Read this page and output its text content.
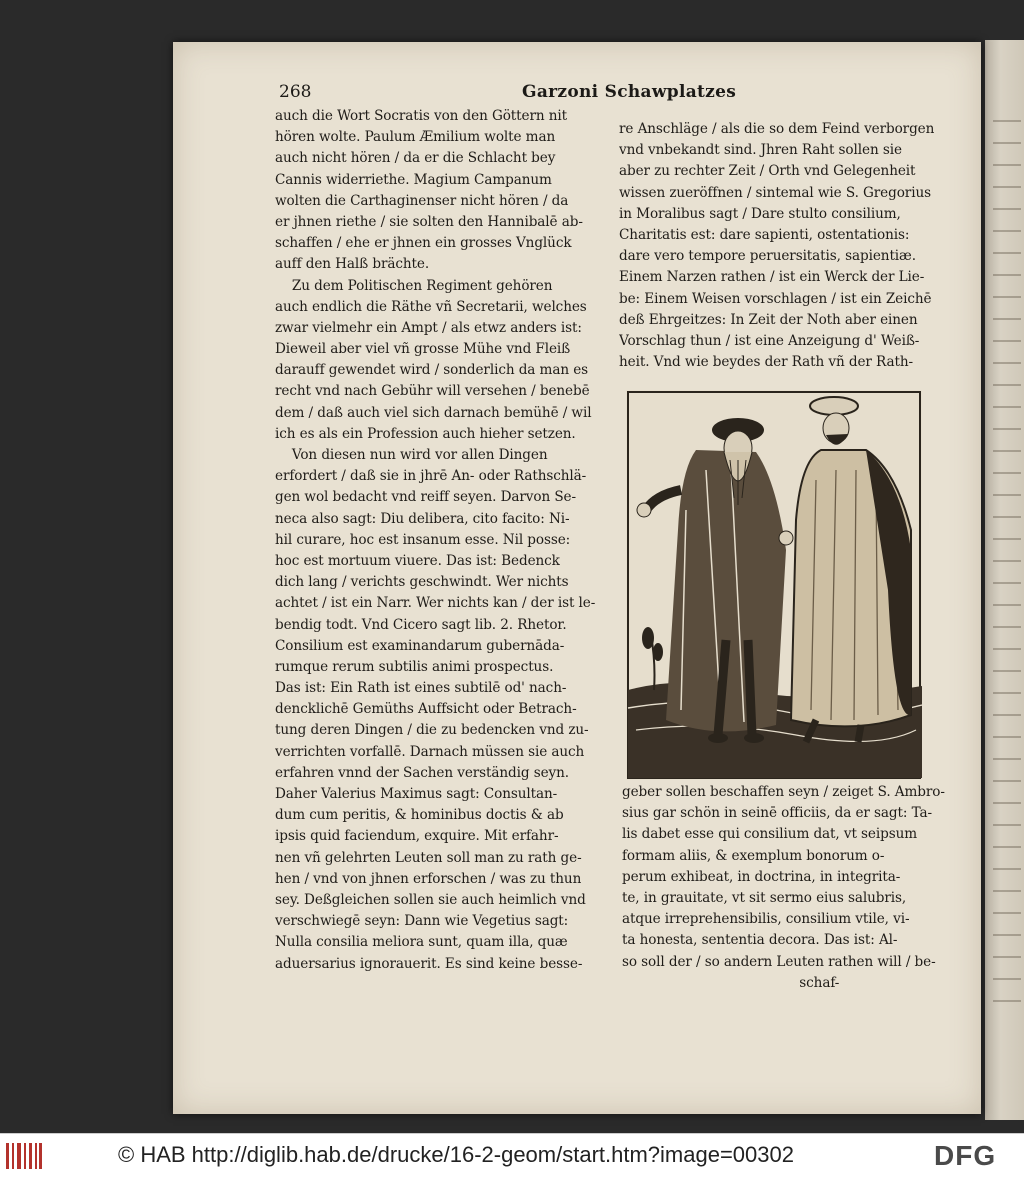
268	Garzoni Schawplatzes
auch die Wort Socratis von den Göttern nit
hören wolte. Paulum Æmilium wolte man
auch nicht hören / da er die Schlacht bey
Cannis widerriethe. Magium Campanum
wolten die Carthaginenser nicht hören / da
er jhnen riethe / sie solten den Hannibalē ab-
schaffen / ehe er jhnen ein grosses Vnglück
auff den Halß brächte.
Zu dem Politischen Regiment gehören
auch endlich die Räthe vñ Secretarii, welches
zwar vielmehr ein Ampt / als etwz anders ist:
Dieweil aber viel vñ grosse Mühe vnd Fleiß
darauff gewendet wird / sonderlich da man es
recht vnd nach Gebühr will versehen / benebē
dem / daß auch viel sich darnach bemühē / wil
ich es als ein Profession auch hieher setzen.
Von diesen nun wird vor allen Dingen
erfordert / daß sie in jhrē An- oder Rathschlä-
gen wol bedacht vnd reiff seyen. Darvon Se-
neca also sagt: Diu delibera, cito facito: Ni-
hil curare, hoc est insanum esse. Nil posse:
hoc est mortuum viuere. Das ist: Bedenck
dich lang / verichts geschwindt. Wer nichts
achtet / ist ein Narr. Wer nichts kan / der ist le-
bendig todt. Vnd Cicero sagt lib. 2. Rhetor.
Consilium est examinandarum gubernāda-
rumque rerum subtilis animi prospectus.
Das ist: Ein Rath ist eines subtilē od' nach-
dencklichē Gemüths Auffsicht oder Betrach-
tung deren Dingen / die zu bedencken vnd zu-
verrichten vorfallē. Darnach müssen sie auch
erfahren vnnd der Sachen verständig seyn.
Daher Valerius Maximus sagt: Consultan-
dum cum peritis, & hominibus doctis & ab
ipsis quid faciendum, exquire. Mit erfahr-
nen vñ gelehrten Leuten soll man zu rath ge-
hen / vnd von jhnen erforschen / was zu thun
sey. Deßgleichen sollen sie auch heimlich vnd
verschwiegē seyn: Dann wie Vegetius sagt:
Nulla consilia meliora sunt, quam illa, quæ
aduersarius ignorauerit. Es sind keine besse-
re Anschläge / als die so dem Feind verborgen
vnd vnbekandt sind. Jhren Raht sollen sie
aber zu rechter Zeit / Orth vnd Gelegenheit
wissen zueröffnen / sintemal wie S. Gregorius
in Moralibus sagt / Dare stulto consilium,
Charitatis est: dare sapienti, ostentationis:
dare vero tempore peruersitatis, sapientiæ.
Einem Narzen rathen / ist ein Werck der Lie-
be: Einem Weisen vorschlagen / ist ein Zeichē
deß Ehrgeitzes: In Zeit der Noth aber einen
Vorschlag thun / ist eine Anzeigung d' Weiß-
heit. Vnd wie beydes der Rath vñ der Rath-
geber sollen beschaffen seyn / zeiget S. Ambro-
sius gar schön in seinē officiis, da er sagt: Ta-
lis dabet esse qui consilium dat, vt seipsum
formam aliis, & exemplum bonorum o-
perum exhibeat, in doctrina, in integrita-
te, in grauitate, vt sit sermo eius salubris,
atque irreprehensibilis, consilium vtile, vi-
ta honesta, sententia decora. Das ist: Al-
so soll der / so andern Leuten rathen will / be-
schaf-
© HAB http://diglib.hab.de/drucke/16-2-geom/start.htm?image=00302	DFG
